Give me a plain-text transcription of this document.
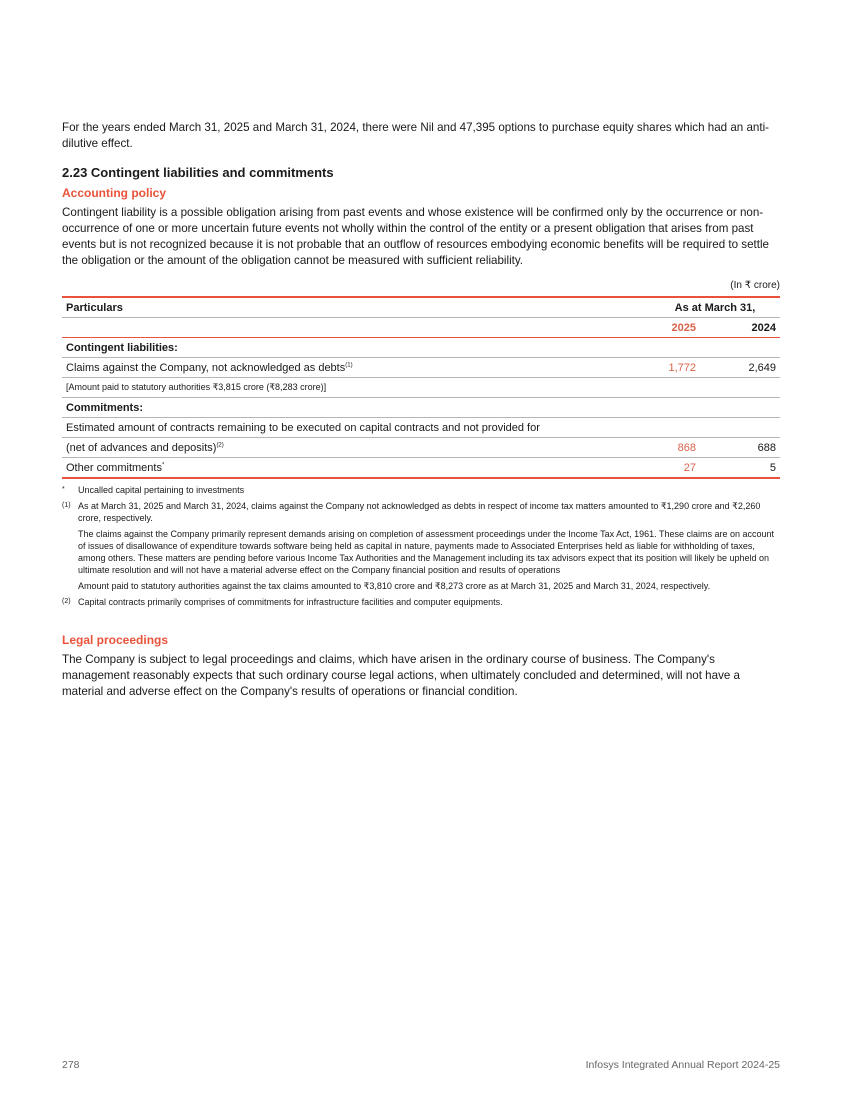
For the years ended March 31, 2025 and March 31, 2024, there were Nil and 47,395 options to purchase equity shares which had an anti-dilutive effect.

2.23 Contingent liabilities and commitments
Accounting policy

Contingent liability is a possible obligation arising from past events and whose existence will be confirmed only by the occurrence or non-occurrence of one or more uncertain future events not wholly within the control of the entity or a present obligation that arises from past events but is not recognized because it is not probable that an outflow of resources embodying economic benefits will be required to settle the obligation or the amount of the obligation cannot be measured with sufficient reliability.

(In ₹ crore)
Particulars	As at March 31,	
	2025	2024
Contingent liabilities:		
Claims against the Company, not acknowledged as debts$^{(1)}$	1,772	2,649
[Amount paid to statutory authorities ₹3,815 crore (₹8,283 crore)]		
Commitments:		
Estimated amount of contracts remaining to be executed on capital contracts and not provided for		
(net of advances and deposits)$^{(2)}$	868	688
Other commitments*	27	5

* Uncalled capital pertaining to investments

(1) As at March 31, 2025 and March 31, 2024, claims against the Company not acknowledged as debts in respect of income tax matters amounted to ₹1,290 crore and ₹2,260 crore, respectively.

The claims against the Company primarily represent demands arising on completion of assessment proceedings under the Income Tax Act, 1961. These claims are on account of issues of disallowance of expenditure towards software being held as capital in nature, payments made to Associated Enterprises held as liable for withholding of taxes, among others. These matters are pending before various Income Tax Authorities and the Management including its tax advisors expect that its position will likely be upheld on ultimate resolution and will not have a material adverse effect on the Company financial position and results of operations

Amount paid to statutory authorities against the tax claims amounted to ₹3,810 crore and ₹8,273 crore as at March 31, 2025 and March 31, 2024, respectively.

(2) Capital contracts primarily comprises of commitments for infrastructure facilities and computer equipments.

Legal proceedings

The Company is subject to legal proceedings and claims, which have arisen in the ordinary course of business. The Company's management reasonably expects that such ordinary course legal actions, when ultimately concluded and determined, will not have a material and adverse effect on the Company's results of operations or financial condition.

278	Infosys Integrated Annual Report 2024-25
